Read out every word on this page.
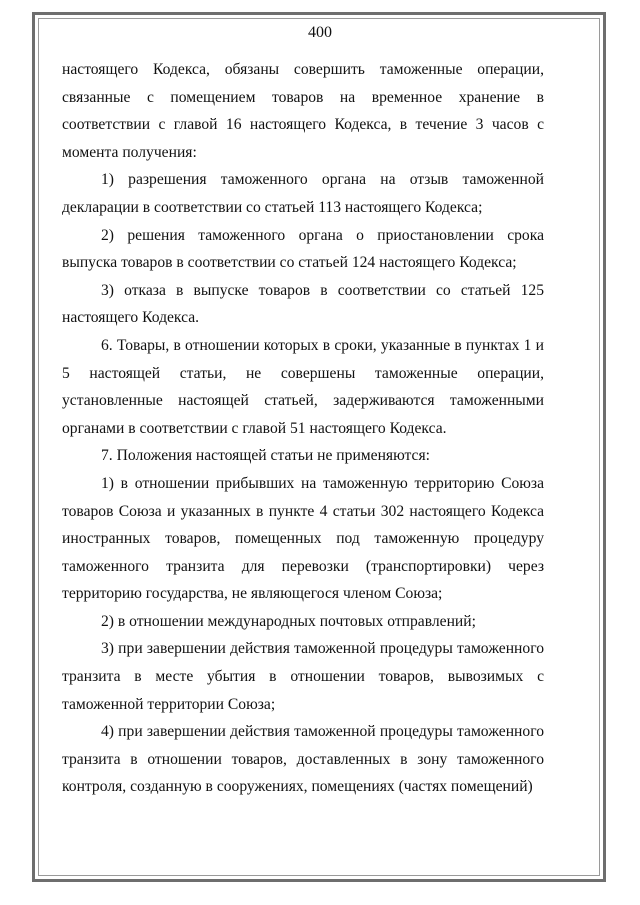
400

настоящего Кодекса, обязаны совершить таможенные операции, связанные с помещением товаров на временное хранение в соответствии с главой 16 настоящего Кодекса, в течение 3 часов с момента получения:

1) разрешения таможенного органа на отзыв таможенной декларации в соответствии со статьей 113 настоящего Кодекса;

2) решения таможенного органа о приостановлении срока выпуска товаров в соответствии со статьей 124 настоящего Кодекса;

3) отказа в выпуске товаров в соответствии со статьей 125 настоящего Кодекса.

6. Товары, в отношении которых в сроки, указанные в пунктах 1 и 5 настоящей статьи, не совершены таможенные операции, установленные настоящей статьей, задерживаются таможенными органами в соответствии с главой 51 настоящего Кодекса.

7. Положения настоящей статьи не применяются:

1) в отношении прибывших на таможенную территорию Союза товаров Союза и указанных в пункте 4 статьи 302 настоящего Кодекса иностранных товаров, помещенных под таможенную процедуру таможенного транзита для перевозки (транспортировки) через территорию государства, не являющегося членом Союза;

2) в отношении международных почтовых отправлений;

3) при завершении действия таможенной процедуры таможенного транзита в месте убытия в отношении товаров, вывозимых с таможенной территории Союза;

4) при завершении действия таможенной процедуры таможенного транзита в отношении товаров, доставленных в зону таможенного контроля, созданную в сооружениях, помещениях (частях помещений)
